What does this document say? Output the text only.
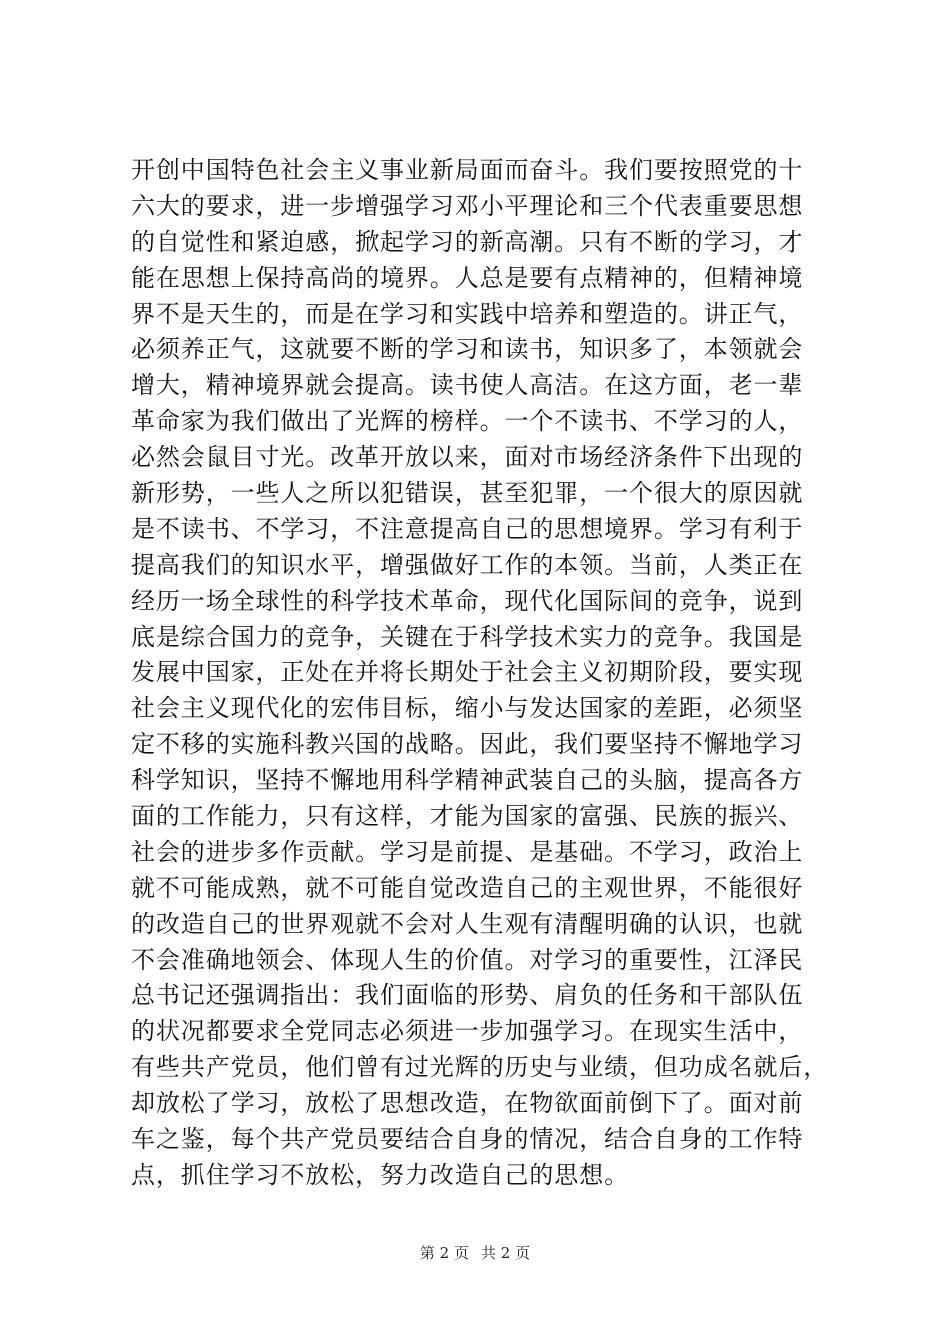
开创中国特色社会主义事业新局面而奋斗。我们要按照党的十
六大的要求，进一步增强学习邓小平理论和三个代表重要思想
的自觉性和紧迫感，掀起学习的新高潮。只有不断的学习，才
能在思想上保持高尚的境界。人总是要有点精神的，但精神境
界不是天生的，而是在学习和实践中培养和塑造的。讲正气，
必须养正气，这就要不断的学习和读书，知识多了，本领就会
增大，精神境界就会提高。读书使人高洁。在这方面，老一辈
革命家为我们做出了光辉的榜样。一个不读书、不学习的人，
必然会鼠目寸光。改革开放以来，面对市场经济条件下出现的
新形势，一些人之所以犯错误，甚至犯罪，一个很大的原因就
是不读书、不学习，不注意提高自己的思想境界。学习有利于
提高我们的知识水平，增强做好工作的本领。当前，人类正在
经历一场全球性的科学技术革命，现代化国际间的竞争，说到
底是综合国力的竞争，关键在于科学技术实力的竞争。我国是
发展中国家，正处在并将长期处于社会主义初期阶段，要实现
社会主义现代化的宏伟目标，缩小与发达国家的差距，必须坚
定不移的实施科教兴国的战略。因此，我们要坚持不懈地学习
科学知识，坚持不懈地用科学精神武装自己的头脑，提高各方
面的工作能力，只有这样，才能为国家的富强、民族的振兴、
社会的进步多作贡献。学习是前提、是基础。不学习，政治上
就不可能成熟，就不可能自觉改造自己的主观世界，不能很好
的改造自己的世界观就不会对人生观有清醒明确的认识，也就
不会准确地领会、体现人生的价值。对学习的重要性，江泽民
总书记还强调指出：我们面临的形势、肩负的任务和干部队伍
的状况都要求全党同志必须进一步加强学习。在现实生活中，
有些共产党员，他们曾有过光辉的历史与业绩，但功成名就后，
却放松了学习，放松了思想改造，在物欲面前倒下了。面对前
车之鉴，每个共产党员要结合自身的情况，结合自身的工作特
点，抓住学习不放松，努力改造自己的思想。
第 2 页 共 2 页
